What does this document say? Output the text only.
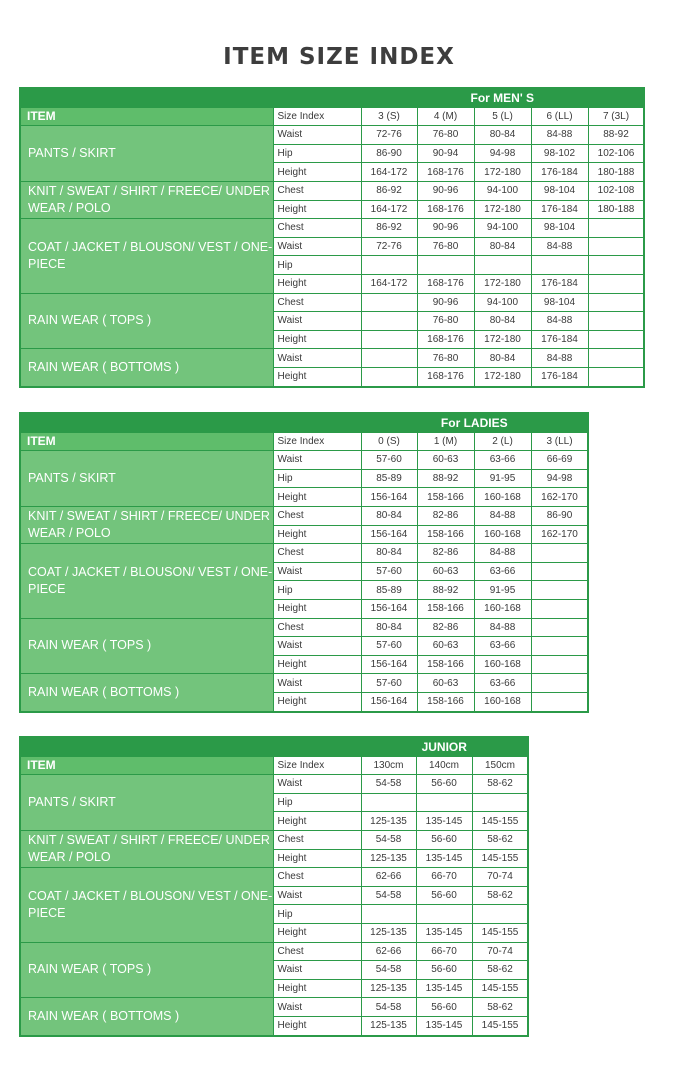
ITEM SIZE INDEX
		For MEN' S					
ITEM	Size Index	3 (S)	4 (M)	5 (L)	6 (LL)	7 (3L)	
PANTS / SKIRT	Waist	72-76	76-80	80-84	84-88	88-92	
	Hip	86-90	90-94	94-98	98-102	102-106	
	Height	164-172	168-176	172-180	176-184	180-188	
KNIT / SWEAT / SHIRT / FREECE/ UNDER WEAR / POLO	Chest	86-92	90-96	94-100	98-104	102-108	
	Height	164-172	168-176	172-180	176-184	180-188	
COAT / JACKET / BLOUSON/ VEST / ONE-PIECE	Chest	86-92	90-96	94-100	98-104		
	Waist	72-76	76-80	80-84	84-88		
	Hip						
	Height	164-172	168-176	172-180	176-184		
RAIN WEAR ( TOPS )	Chest		90-96	94-100	98-104		
	Waist		76-80	80-84	84-88		
	Height		168-176	172-180	176-184		
RAIN WEAR ( BOTTOMS )	Waist		76-80	80-84	84-88		
	Height		168-176	172-180	176-184		
		For LADIES				
ITEM	Size Index	0 (S)	1 (M)	2 (L)	3 (LL)	
PANTS / SKIRT	Waist	57-60	60-63	63-66	66-69	
	Hip	85-89	88-92	91-95	94-98	
	Height	156-164	158-166	160-168	162-170	
KNIT / SWEAT / SHIRT / FREECE/ UNDER WEAR / POLO	Chest	80-84	82-86	84-88	86-90	
	Height	156-164	158-166	160-168	162-170	
COAT / JACKET / BLOUSON/ VEST / ONE-PIECE	Chest	80-84	82-86	84-88		
	Waist	57-60	60-63	63-66		
	Hip	85-89	88-92	91-95		
	Height	156-164	158-166	160-168		
RAIN WEAR ( TOPS )	Chest	80-84	82-86	84-88		
	Waist	57-60	60-63	63-66		
	Height	156-164	158-166	160-168		
RAIN WEAR ( BOTTOMS )	Waist	57-60	60-63	63-66		
	Height	156-164	158-166	160-168		
		JUNIOR			
ITEM	Size Index	130cm	140cm	150cm	
PANTS / SKIRT	Waist	54-58	56-60	58-62	
	Hip				
	Height	125-135	135-145	145-155	
KNIT / SWEAT / SHIRT / FREECE/ UNDER WEAR / POLO	Chest	54-58	56-60	58-62	
	Height	125-135	135-145	145-155	
COAT / JACKET / BLOUSON/ VEST / ONE-PIECE	Chest	62-66	66-70	70-74	
	Waist	54-58	56-60	58-62	
	Hip				
	Height	125-135	135-145	145-155	
RAIN WEAR ( TOPS )	Chest	62-66	66-70	70-74	
	Waist	54-58	56-60	58-62	
	Height	125-135	135-145	145-155	
RAIN WEAR ( BOTTOMS )	Waist	54-58	56-60	58-62	
	Height	125-135	135-145	145-155	
